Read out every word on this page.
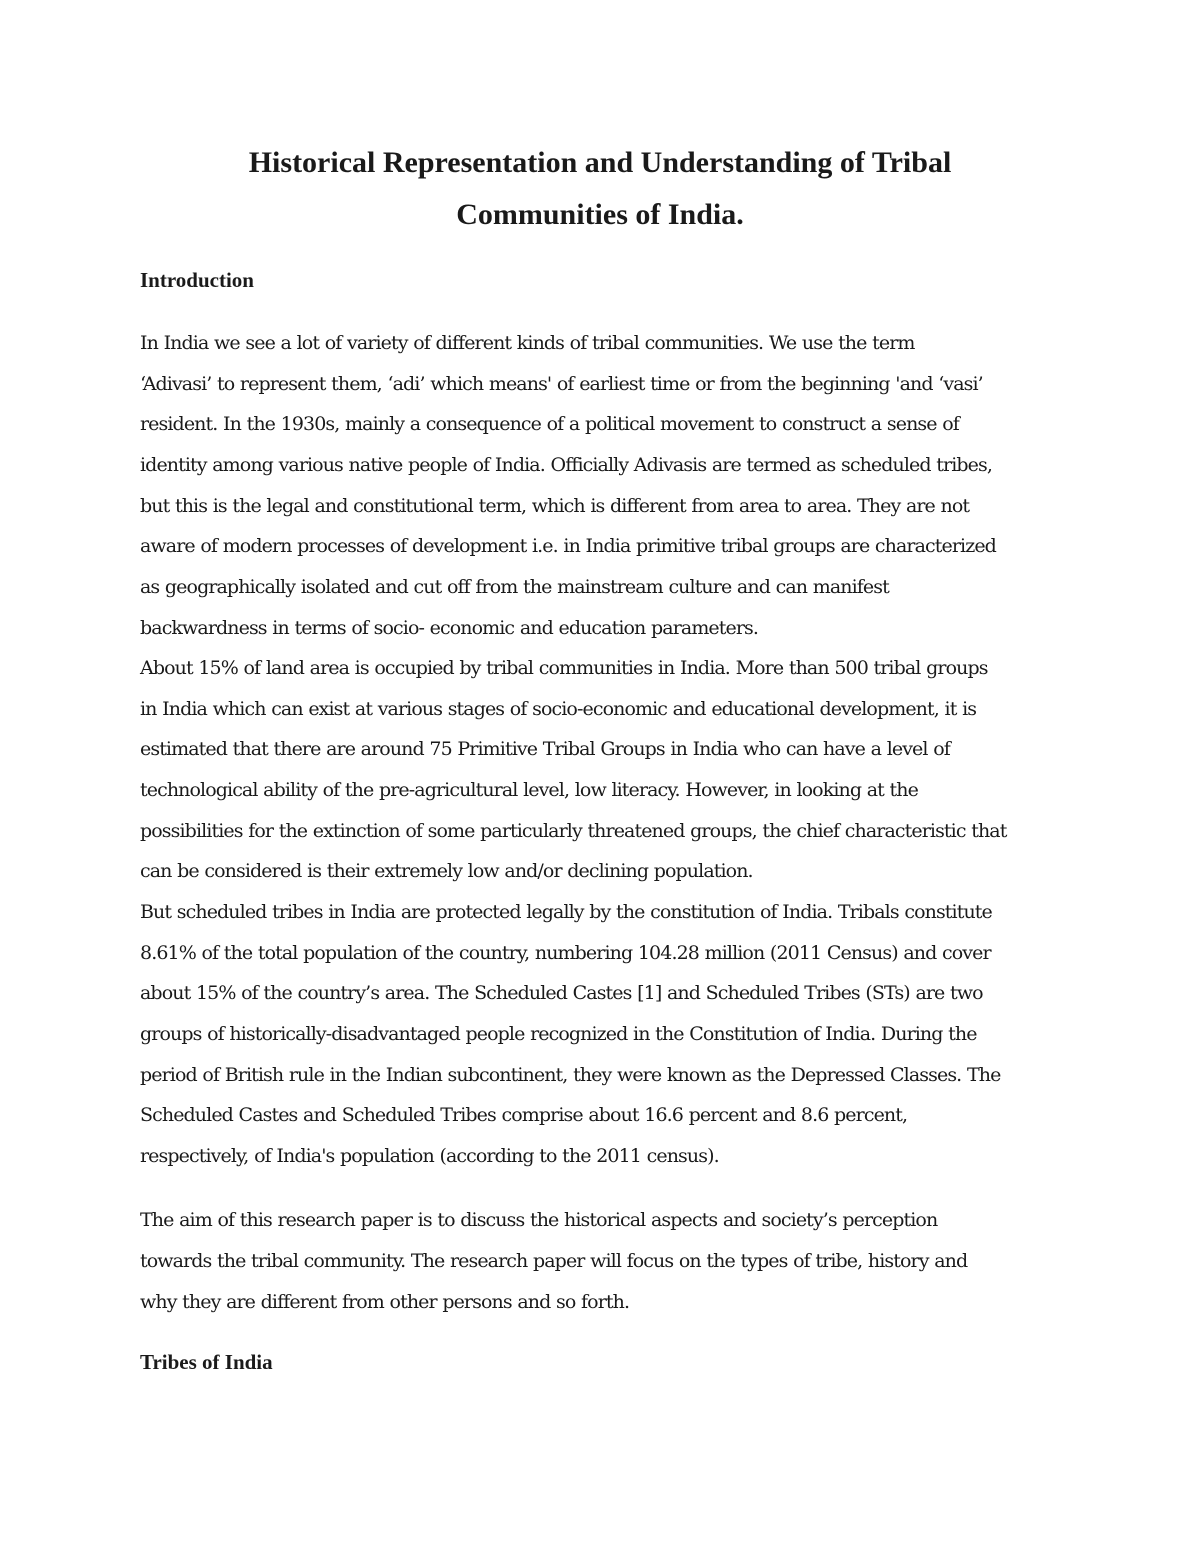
Historical Representation and Understanding of Tribal
Communities of India.
Introduction

In India we see a lot of variety of different kinds of tribal communities. We use the term

‘Adivasi’ to represent them, ‘adi’ which means' of earliest time or from the beginning 'and ‘vasi’

resident. In the 1930s, mainly a consequence of a political movement to construct a sense of

identity among various native people of India. Officially Adivasis are termed as scheduled tribes,

but this is the legal and constitutional term, which is different from area to area. They are not

aware of modern processes of development i.e. in India primitive tribal groups are characterized

as geographically isolated and cut off from the mainstream culture and can manifest

backwardness in terms of socio- economic and education parameters.

About 15% of land area is occupied by tribal communities in India. More than 500 tribal groups

in India which can exist at various stages of socio-economic and educational development, it is

estimated that there are around 75 Primitive Tribal Groups in India who can have a level of

technological ability of the pre-agricultural level, low literacy. However, in looking at the

possibilities for the extinction of some particularly threatened groups, the chief characteristic that

can be considered is their extremely low and/or declining population.

But scheduled tribes in India are protected legally by the constitution of India. Tribals constitute

8.61% of the total population of the country, numbering 104.28 million (2011 Census) and cover

about 15% of the country’s area. The Scheduled Castes [1] and Scheduled Tribes (STs) are two

groups of historically-disadvantaged people recognized in the Constitution of India. During the

period of British rule in the Indian subcontinent, they were known as the Depressed Classes. The

Scheduled Castes and Scheduled Tribes comprise about 16.6 percent and 8.6 percent,

respectively, of India's population (according to the 2011 census).

The aim of this research paper is to discuss the historical aspects and society’s perception

towards the tribal community. The research paper will focus on the types of tribe, history and

why they are different from other persons and so forth.

Tribes of India
